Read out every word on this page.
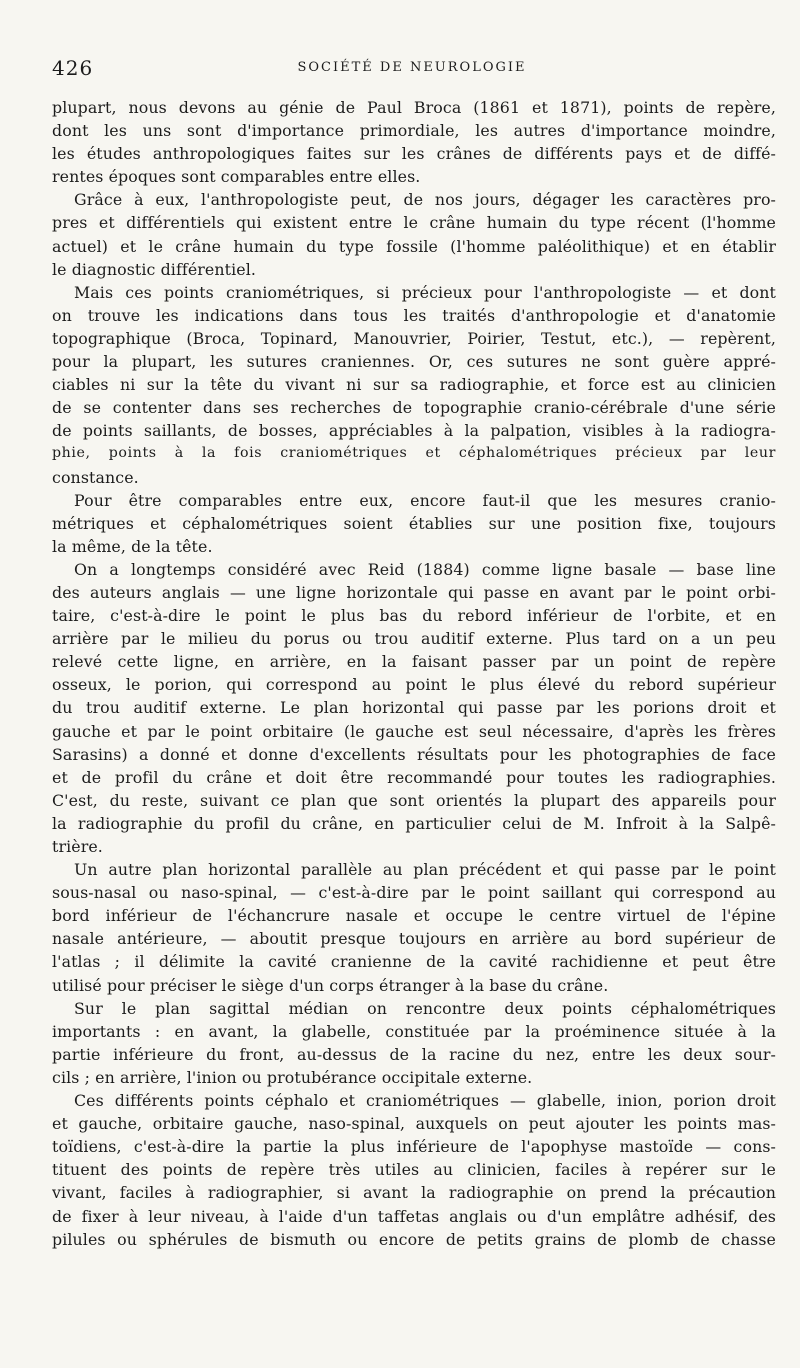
426	SOCIÉTÉ DE NEUROLOGIE
plupart, nous devons au génie de Paul Broca (1861 et 1871), points de repère,
dont les uns sont d'importance primordiale, les autres d'importance moindre,
les études anthropologiques faites sur les crânes de différents pays et de diffé-
rentes époques sont comparables entre elles.
Grâce à eux, l'anthropologiste peut, de nos jours, dégager les caractères pro-
pres et différentiels qui existent entre le crâne humain du type récent (l'homme
actuel) et le crâne humain du type fossile (l'homme paléolithique) et en établir
le diagnostic différentiel.
Mais ces points craniométriques, si précieux pour l'anthropologiste — et dont
on trouve les indications dans tous les traités d'anthropologie et d'anatomie
topographique (Broca, Topinard, Manouvrier, Poirier, Testut, etc.), — repèrent,
pour la plupart, les sutures craniennes. Or, ces sutures ne sont guère appré-
ciables ni sur la tête du vivant ni sur sa radiographie, et force est au clinicien
de se contenter dans ses recherches de topographie cranio-cérébrale d'une série
de points saillants, de bosses, appréciables à la palpation, visibles à la radiogra-
phie, points à la fois craniométriques et céphalométriques précieux par leur
constance.
Pour être comparables entre eux, encore faut-il que les mesures cranio-
métriques et céphalométriques soient établies sur une position fixe, toujours
la même, de la tête.
On a longtemps considéré avec Reid (1884) comme ligne basale — base line
des auteurs anglais — une ligne horizontale qui passe en avant par le point orbi-
taire, c'est-à-dire le point le plus bas du rebord inférieur de l'orbite, et en
arrière par le milieu du porus ou trou auditif externe. Plus tard on a un peu
relevé cette ligne, en arrière, en la faisant passer par un point de repère
osseux, le porion, qui correspond au point le plus élevé du rebord supérieur
du trou auditif externe. Le plan horizontal qui passe par les porions droit et
gauche et par le point orbitaire (le gauche est seul nécessaire, d'après les frères
Sarasins) a donné et donne d'excellents résultats pour les photographies de face
et de profil du crâne et doit être recommandé pour toutes les radiographies.
C'est, du reste, suivant ce plan que sont orientés la plupart des appareils pour
la radiographie du profil du crâne, en particulier celui de M. Infroit à la Salpê-
trière.
Un autre plan horizontal parallèle au plan précédent et qui passe par le point
sous-nasal ou naso-spinal, — c'est-à-dire par le point saillant qui correspond au
bord inférieur de l'échancrure nasale et occupe le centre virtuel de l'épine
nasale antérieure, — aboutit presque toujours en arrière au bord supérieur de
l'atlas ; il délimite la cavité cranienne de la cavité rachidienne et peut être
utilisé pour préciser le siège d'un corps étranger à la base du crâne.
Sur le plan sagittal médian on rencontre deux points céphalométriques
importants : en avant, la glabelle, constituée par la proéminence située à la
partie inférieure du front, au-dessus de la racine du nez, entre les deux sour-
cils ; en arrière, l'inion ou protubérance occipitale externe.
Ces différents points céphalo et craniométriques — glabelle, inion, porion droit
et gauche, orbitaire gauche, naso-spinal, auxquels on peut ajouter les points mas-
toïdiens, c'est-à-dire la partie la plus inférieure de l'apophyse mastoïde — cons-
tituent des points de repère très utiles au clinicien, faciles à repérer sur le
vivant, faciles à radiographier, si avant la radiographie on prend la précaution
de fixer à leur niveau, à l'aide d'un taffetas anglais ou d'un emplâtre adhésif, des
pilules ou sphérules de bismuth ou encore de petits grains de plomb de chasse
